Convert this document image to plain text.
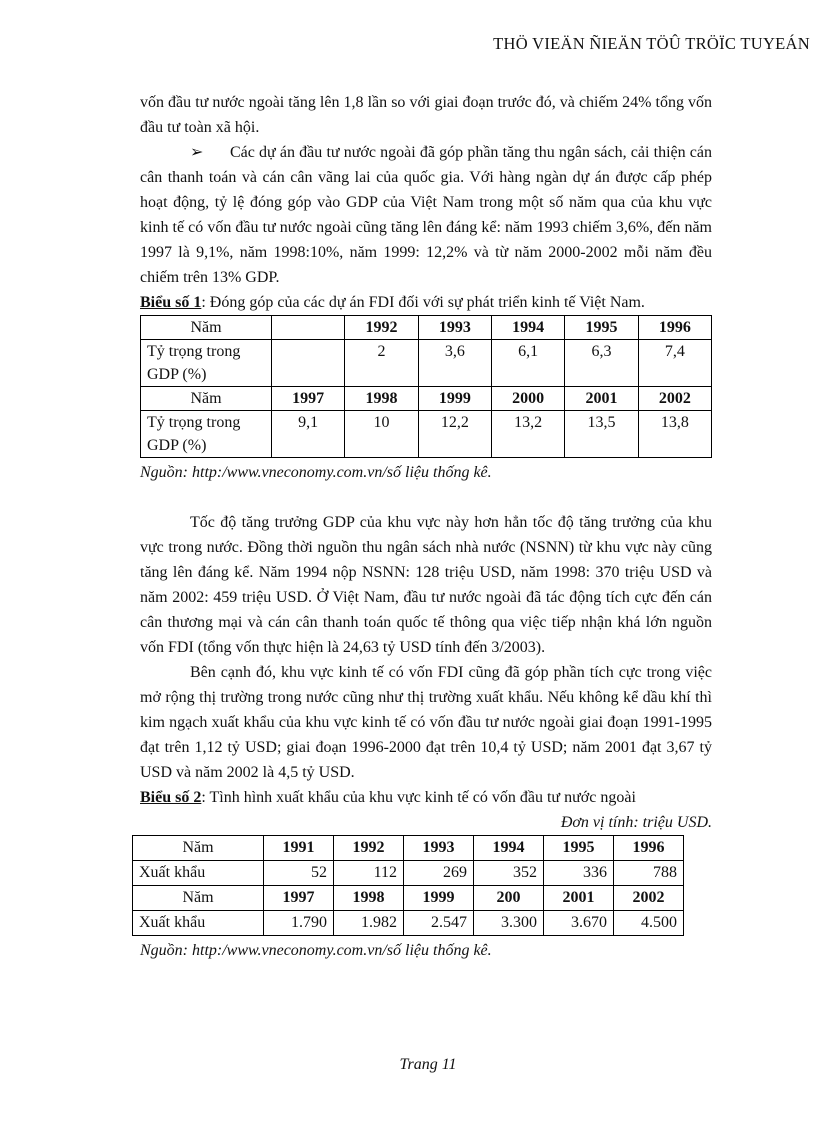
THÖ VIEÄN ÑIEÄN TÖÛ TRÖÏC TUYEÁN

vốn đầu tư nước ngoài tăng lên 1,8 lần so với giai đoạn trước đó, và chiếm 24% tổng vốn đầu tư toàn xã hội.

➢ Các dự án đầu tư nước ngoài đã góp phần tăng thu ngân sách, cải thiện cán cân thanh toán và cán cân vãng lai của quốc gia. Với hàng ngàn dự án được cấp phép hoạt động, tỷ lệ đóng góp vào GDP của Việt Nam trong một số năm qua của khu vực kinh tế có vốn đầu tư nước ngoài cũng tăng lên đáng kể: năm 1993 chiếm 3,6%, đến năm 1997 là 9,1%, năm 1998:10%, năm 1999: 12,2% và từ năm 2000-2002 mỗi năm đều chiếm trên 13% GDP.

Biểu số 1: Đóng góp của các dự án FDI đối với sự phát triển kinh tế Việt Nam.

Năm		1992	1993	1994	1995	1996
Tỷ trọng trong GDP (%)		2	3,6	6,1	6,3	7,4
Năm	1997	1998	1999	2000	2001	2002
Tỷ trọng trong GDP (%)	9,1	10	12,2	13,2	13,5	13,8

Nguồn: http:/www.vneconomy.com.vn/số liệu thống kê.

Tốc độ tăng trưởng GDP của khu vực này hơn hẳn tốc độ tăng trưởng của khu vực trong nước. Đồng thời nguồn thu ngân sách nhà nước (NSNN) từ khu vực này cũng tăng lên đáng kể. Năm 1994 nộp NSNN: 128 triệu USD, năm 1998: 370 triệu USD và năm 2002: 459 triệu USD. Ở Việt Nam, đầu tư nước ngoài đã tác động tích cực đến cán cân thương mại và cán cân thanh toán quốc tế thông qua việc tiếp nhận khá lớn nguồn vốn FDI (tổng vốn thực hiện là 24,63 tỷ USD tính đến 3/2003).

Bên cạnh đó, khu vực kinh tế có vốn FDI cũng đã góp phần tích cực trong việc mở rộng thị trường trong nước cũng như thị trường xuất khẩu. Nếu không kể dầu khí thì kim ngạch xuất khẩu của khu vực kinh tế có vốn đầu tư nước ngoài giai đoạn 1991-1995 đạt trên 1,12 tỷ USD; giai đoạn 1996-2000 đạt trên 10,4 tỷ USD; năm 2001 đạt 3,67 tỷ USD và năm 2002 là 4,5 tỷ USD.

Biểu số 2: Tình hình xuất khẩu của khu vực kinh tế có vốn đầu tư nước ngoài

Đơn vị tính: triệu USD.

Năm	1991	1992	1993	1994	1995	1996
Xuất khẩu	52	112	269	352	336	788
Năm	1997	1998	1999	200	2001	2002
Xuất khẩu	1.790	1.982	2.547	3.300	3.670	4.500

Nguồn: http:/www.vneconomy.com.vn/số liệu thống kê.

Trang 11
